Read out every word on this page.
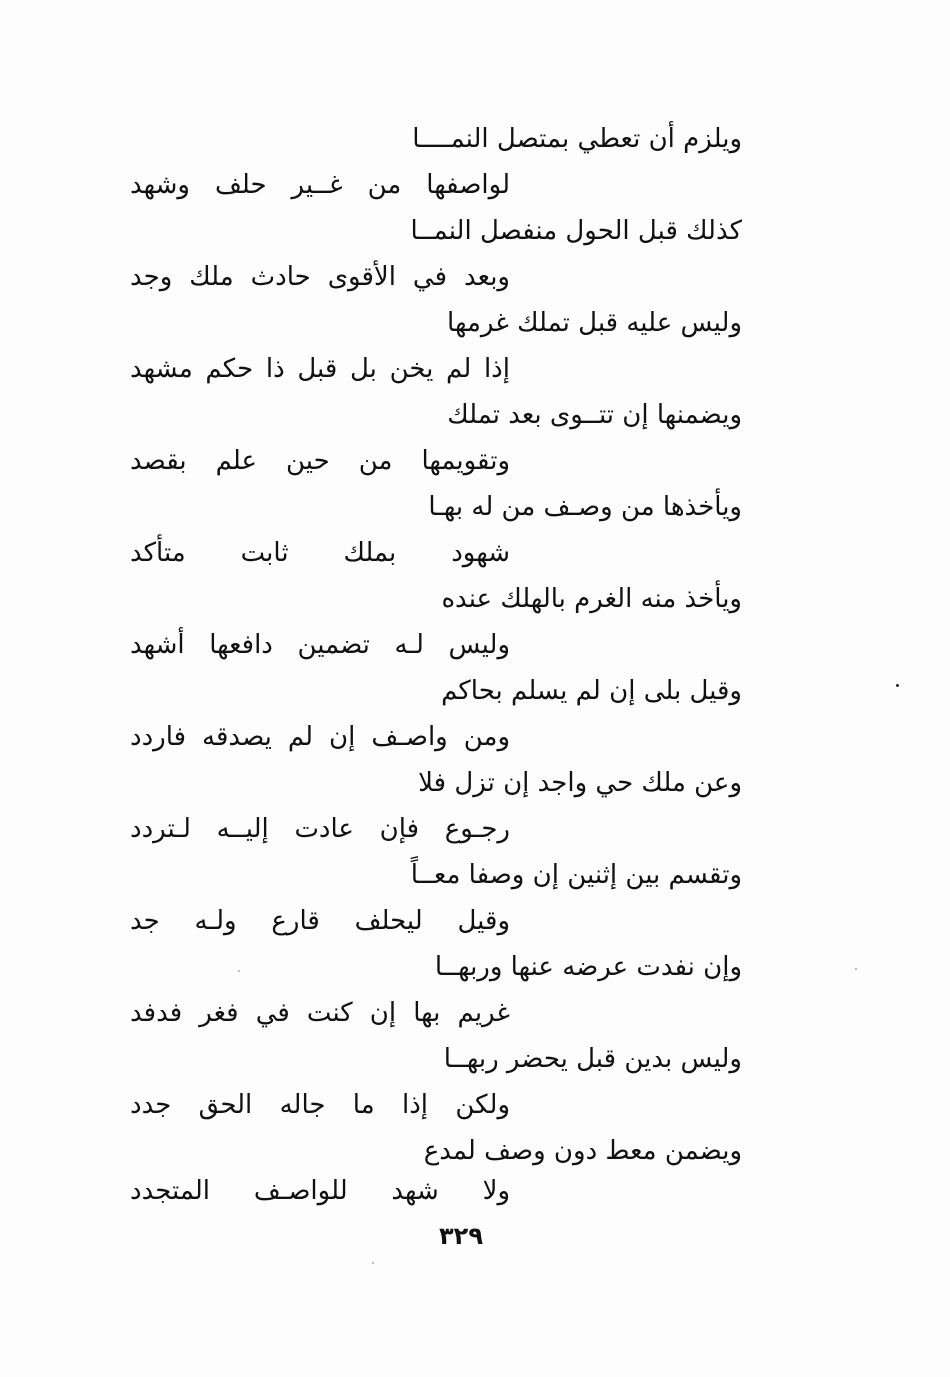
ويلزم أن تعطي بمتصل النمــــا
لواصفها من غــير حلف وشهد
كذلك قبل الحول منفصل النمــا
وبعد في الأقوى حادث ملك وجد
وليس عليه قبل تملك غرمها
إذا لم يخن بل قبل ذا حكم مشهد
ويضمنها إن تتــوى بعد تملك
وتقويمها من حين علم بقصد
ويأخذها من وصـف من له بهـا
شهود بملك ثابت متأكد
ويأخذ منه الغرم بالهلك عنده
وليس لـه تضمين دافعها أشهد
وقيل بلى إن لم يسلم بحاكم
ومن واصـف إن لم يصدقه فاردد
وعن ملك حي واجد إن تزل فلا
رجـوع فإن عادت إليــه لـتردد
وتقسم بين إثنين إن وصفا معــاً
وقيل ليحلف قارع ولـه جد
وإن نفدت عرضه عنها وربهــا
غريم بها إن كنت في فغر فدفد
وليس بدين قبل يحضر ربهــا
ولكن إذا ما جاله الحق جدد
ويضمن معط دون وصف لمدع
ولا شهد للواصـف المتجدد
٣٢٩
